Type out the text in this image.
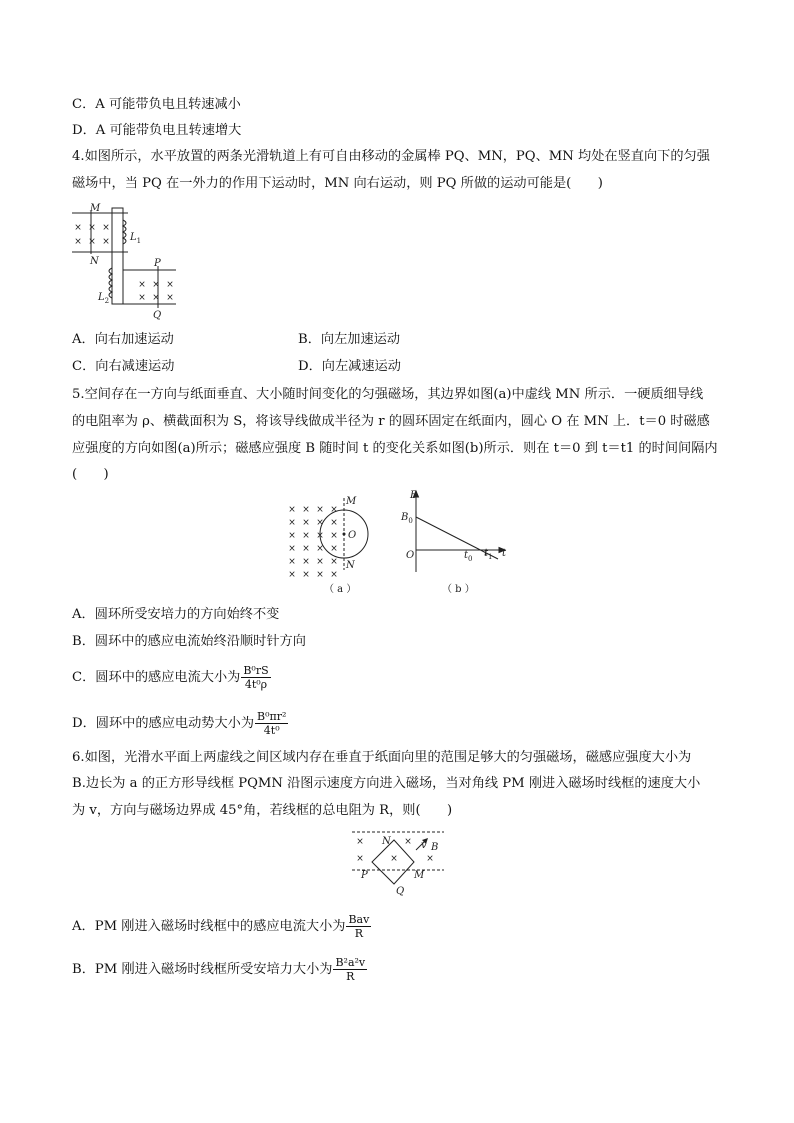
C．A 可能带负电且转速减小
D．A 可能带负电且转速增大
4.如图所示，水平放置的两条光滑轨道上有可自由移动的金属棒 PQ、MN，PQ、MN 均处在竖直向下的匀强
磁场中，当 PQ 在一外力的作用下运动时，MN 向右运动，则 PQ 所做的运动可能是(　　)
× × ×
× × ×
× × ×
× × ×
M
N
$L_1$
$L_2$
P
Q
A．向右加速运动	B．向左加速运动
C．向右减速运动	D．向左减速运动
5.空间存在一方向与纸面垂直、大小随时间变化的匀强磁场，其边界如图(a)中虚线 MN 所示．一硬质细导线
的电阻率为 ρ、横截面积为 S，将该导线做成半径为 r 的圆环固定在纸面内，圆心 O 在 MN 上．t＝0 时磁感
应强度的方向如图(a)所示；磁感应强度 B 随时间 t 的变化关系如图(b)所示．则在 t＝0 到 t＝t1 的时间间隔内
(　　)
× × × ×
× × × ×
× × × ×
× × × ×
× × × ×
× × × ×
M
O
N
（ a ）
B
$B_0$
O	$t_0$ $t_1$ t
（ b ）
A．圆环所受安培力的方向始终不变
B．圆环中的感应电流始终沿顺时针方向
C．圆环中的感应电流大小为 $\frac{\text{B⁰rS}}{\text{4t⁰ρ}}$
D．圆环中的感应电动势大小为 $\frac{\text{B⁰πr²}}{\text{4t⁰}}$
6.如图，光滑水平面上两虚线之间区域内存在垂直于纸面向里的范围足够大的匀强磁场，磁感应强度大小为
B.边长为 a 的正方形导线框 PQMN 沿图示速度方向进入磁场，当对角线 PM 刚进入磁场时线框的速度大小
为 v，方向与磁场边界成 45°角，若线框的总电阻为 R，则(　　)
×
×	×	×
×
N	v B
P	M
Q
A．PM 刚进入磁场时线框中的感应电流大小为 $\frac{\text{Bav}}{R}$
B．PM 刚进入磁场时线框所受安培力大小为 $\frac{\text{B²a²v}}{R}$
